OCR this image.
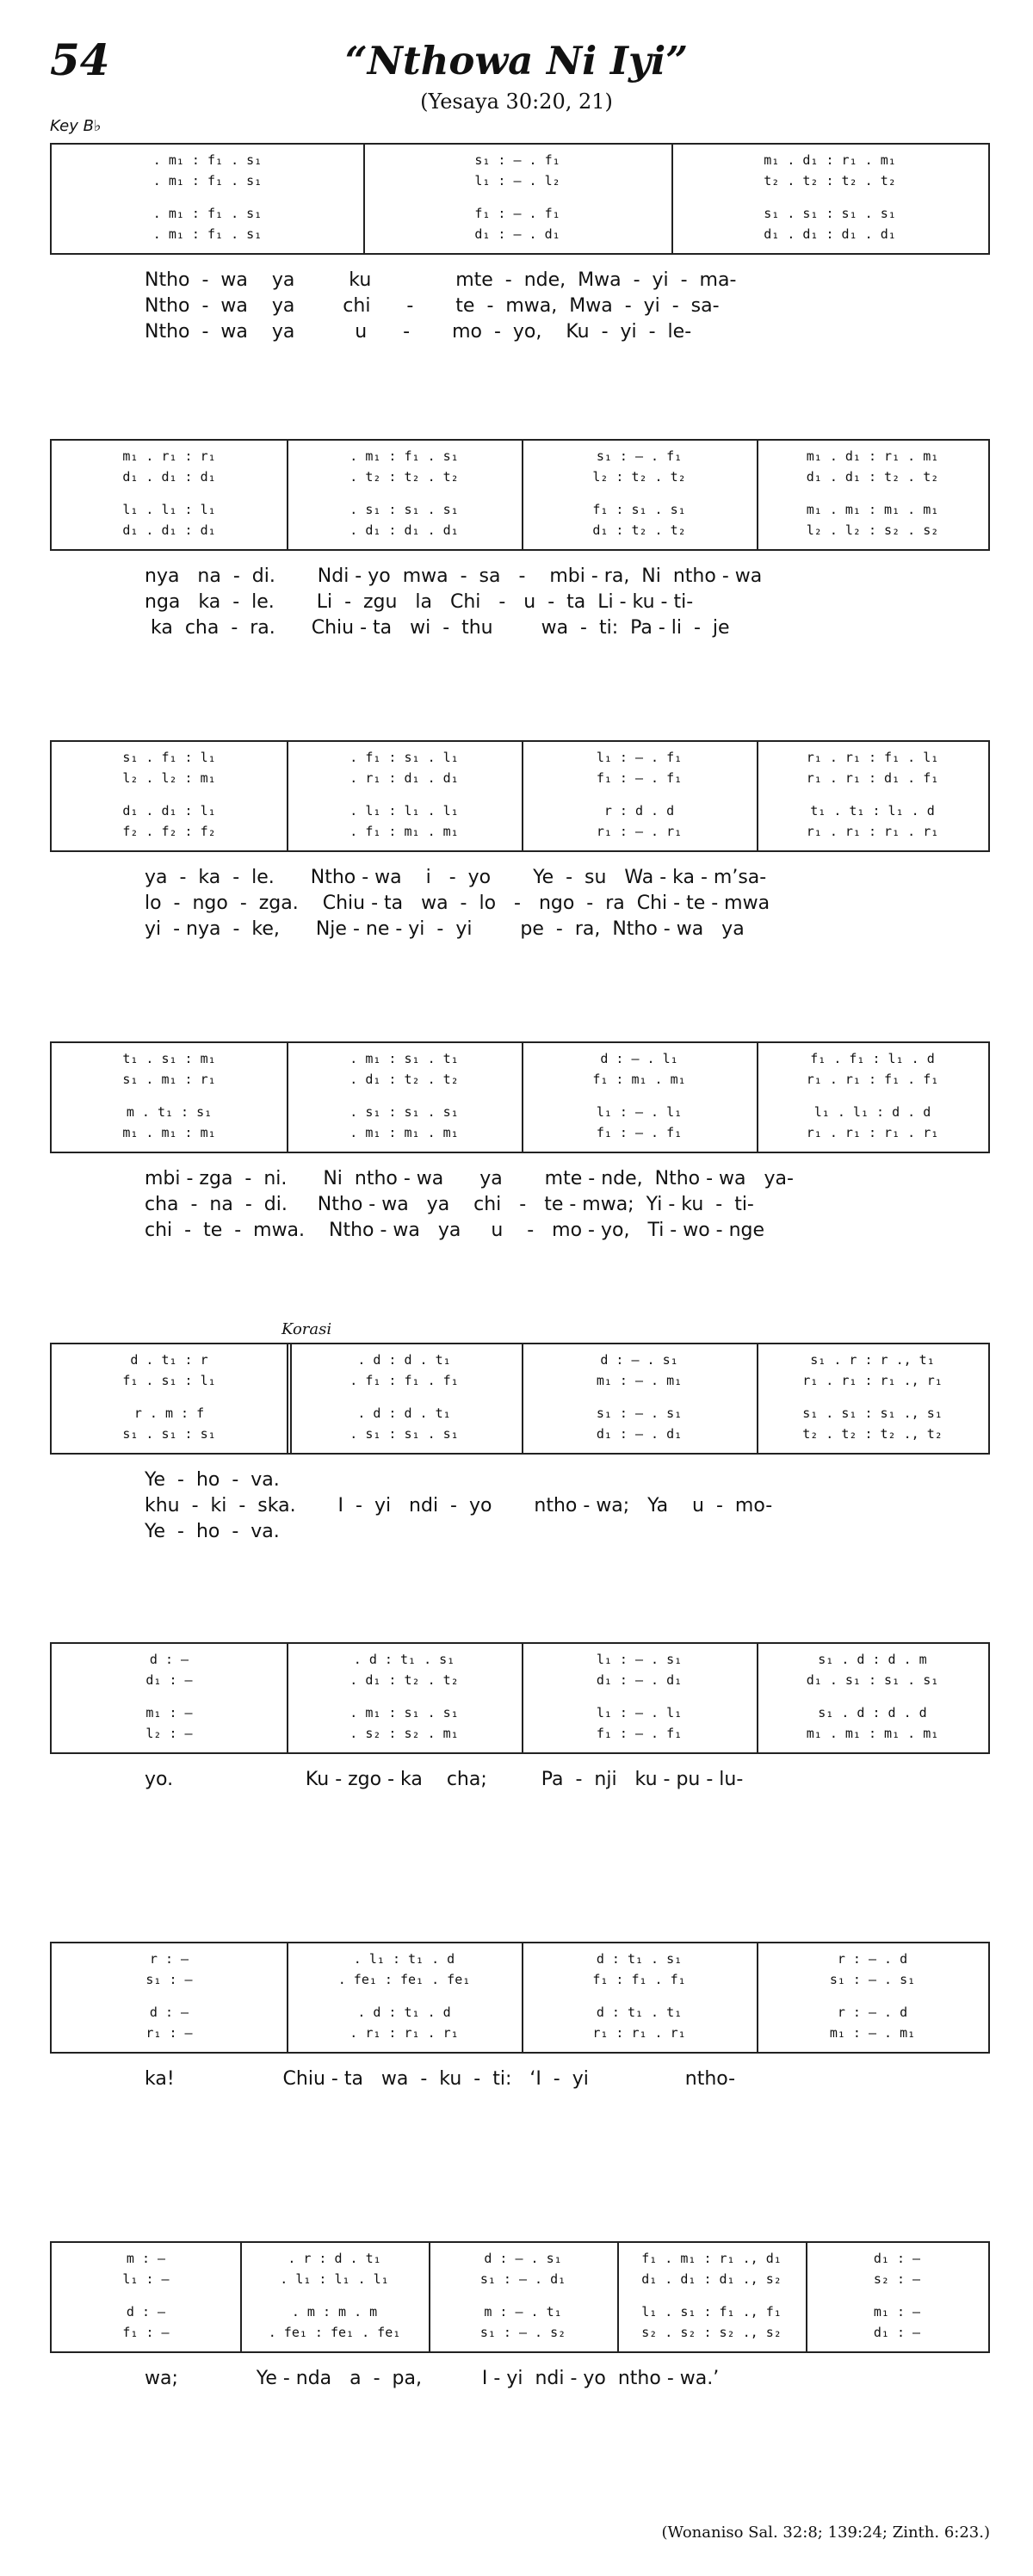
54	“Nthowa Ni Iyi”
(Yesaya 30:20, 21)
Key B♭
Korasi
(Wonaniso Sal. 32:8; 139:24; Zinth. 6:23.)
. m₁ : f₁ . s₁
. m₁ : f₁ . s₁
. m₁ : f₁ . s₁
. m₁ : f₁ . s₁
s₁ : – . f₁
l₁ : – . l₂
f₁ : – . f₁
d₁ : – . d₁
m₁ . d₁ : r₁ . m₁
t₂ . t₂ : t₂ . t₂
s₁ . s₁ : s₁ . s₁
d₁ . d₁ : d₁ . d₁
Ntho  -  wa    ya         ku              mte  -  nde,  Mwa  -  yi  -  ma-
Ntho  -  wa    ya        chi      -       te  -  mwa,  Mwa  -  yi  -  sa-
Ntho  -  wa    ya          u      -       mo  -  yo,    Ku  -  yi  -  le-
m₁ . r₁ : r₁
d₁ . d₁ : d₁
l₁ . l₁ : l₁
d₁ . d₁ : d₁
. m₁ : f₁ . s₁
. t₂ : t₂ . t₂
. s₁ : s₁ . s₁
. d₁ : d₁ . d₁
s₁ : – . f₁
l₂ : t₂ . t₂
f₁ : s₁ . s₁
d₁ : t₂ . t₂
m₁ . d₁ : r₁ . m₁
d₁ . d₁ : t₂ . t₂
m₁ . m₁ : m₁ . m₁
l₂ . l₂ : s₂ . s₂
nya   na  -  di.       Ndi - yo  mwa  -  sa   -    mbi - ra,  Ni  ntho - wa
nga   ka  -  le.       Li  -  zgu   la   Chi   -   u  -  ta  Li - ku - ti-
ka  cha  -  ra.      Chiu - ta   wi  -  thu        wa  -  ti:  Pa - li  -  je
s₁ . f₁ : l₁
l₂ . l₂ : m₁
d₁ . d₁ : l₁
f₂ . f₂ : f₂
. f₁ : s₁ . l₁
. r₁ : d₁ . d₁
. l₁ : l₁ . l₁
. f₁ : m₁ . m₁
l₁ : – . f₁
f₁ : – . f₁
r : d . d
r₁ : – . r₁
r₁ . r₁ : f₁ . l₁
r₁ . r₁ : d₁ . f₁
t₁ . t₁ : l₁ . d
r₁ . r₁ : r₁ . r₁
ya  -  ka  -  le.      Ntho - wa    i   -  yo       Ye  -  su   Wa - ka - m’sa-
lo  -  ngo  -  zga.    Chiu - ta   wa  -  lo   -   ngo  -  ra  Chi - te - mwa
yi  - nya  -  ke,      Nje - ne - yi  -  yi        pe  -  ra,  Ntho - wa   ya
t₁ . s₁ : m₁
s₁ . m₁ : r₁
m . t₁ : s₁
m₁ . m₁ : m₁
. m₁ : s₁ . t₁
. d₁ : t₂ . t₂
. s₁ : s₁ . s₁
. m₁ : m₁ . m₁
d : – . l₁
f₁ : m₁ . m₁
l₁ : – . l₁
f₁ : – . f₁
f₁ . f₁ : l₁ . d
r₁ . r₁ : f₁ . f₁
l₁ . l₁ : d . d
r₁ . r₁ : r₁ . r₁
mbi - zga  -  ni.      Ni  ntho - wa      ya       mte - nde,  Ntho - wa   ya-
cha  -  na  -  di.     Ntho - wa   ya    chi   -   te - mwa;  Yi - ku  -  ti-
chi  -  te  -  mwa.    Ntho - wa   ya     u    -   mo - yo,   Ti - wo - nge
d . t₁ : r
f₁ . s₁ : l₁
r . m : f
s₁ . s₁ : s₁
. d : d . t₁
. f₁ : f₁ . f₁
. d : d . t₁
. s₁ : s₁ . s₁
d : – . s₁
m₁ : – . m₁
s₁ : – . s₁
d₁ : – . d₁
s₁ . r : r ., t₁
r₁ . r₁ : r₁ ., r₁
s₁ . s₁ : s₁ ., s₁
t₂ . t₂ : t₂ ., t₂
Ye  -  ho  -  va.
khu  -  ki  -  ska.       I  -  yi   ndi  -  yo       ntho - wa;   Ya    u  -  mo-
Ye  -  ho  -  va.
d : —
d₁ : —
m₁ : —
l₂ : —
. d : t₁ . s₁
. d₁ : t₂ . t₂
. m₁ : s₁ . s₁
. s₂ : s₂ . m₁
l₁ : – . s₁
d₁ : – . d₁
l₁ : – . l₁
f₁ : – . f₁
s₁ . d : d . m
d₁ . s₁ : s₁ . s₁
s₁ . d : d . d
m₁ . m₁ : m₁ . m₁
yo.                      Ku - zgo - ka    cha;         Pa  -  nji   ku - pu - lu-
r : —
s₁ : —
d : —
r₁ : —
. l₁ : t₁ . d
. fe₁ : fe₁ . fe₁
. d : t₁ . d
. r₁ : r₁ . r₁
d : t₁ . s₁
f₁ : f₁ . f₁
d : t₁ . t₁
r₁ : r₁ . r₁
r : – . d
s₁ : – . s₁
r : – . d
m₁ : – . m₁
ka!                  Chiu - ta   wa  -  ku  -  ti:   ‘I  -  yi                ntho-
m : —
l₁ : —
d : —
f₁ : —
. r : d . t₁
. l₁ : l₁ . l₁
. m : m . m
. fe₁ : fe₁ . fe₁
d : – . s₁
s₁ : – . d₁
m : – . t₁
s₁ : – . s₂
f₁ . m₁ : r₁ ., d₁
d₁ . d₁ : d₁ ., s₂
l₁ . s₁ : f₁ ., f₁
s₂ . s₂ : s₂ ., s₂
d₁ : —
s₂ : —
m₁ : —
d₁ : —
wa;             Ye - nda   a  -  pa,          I - yi  ndi - yo  ntho - wa.’
